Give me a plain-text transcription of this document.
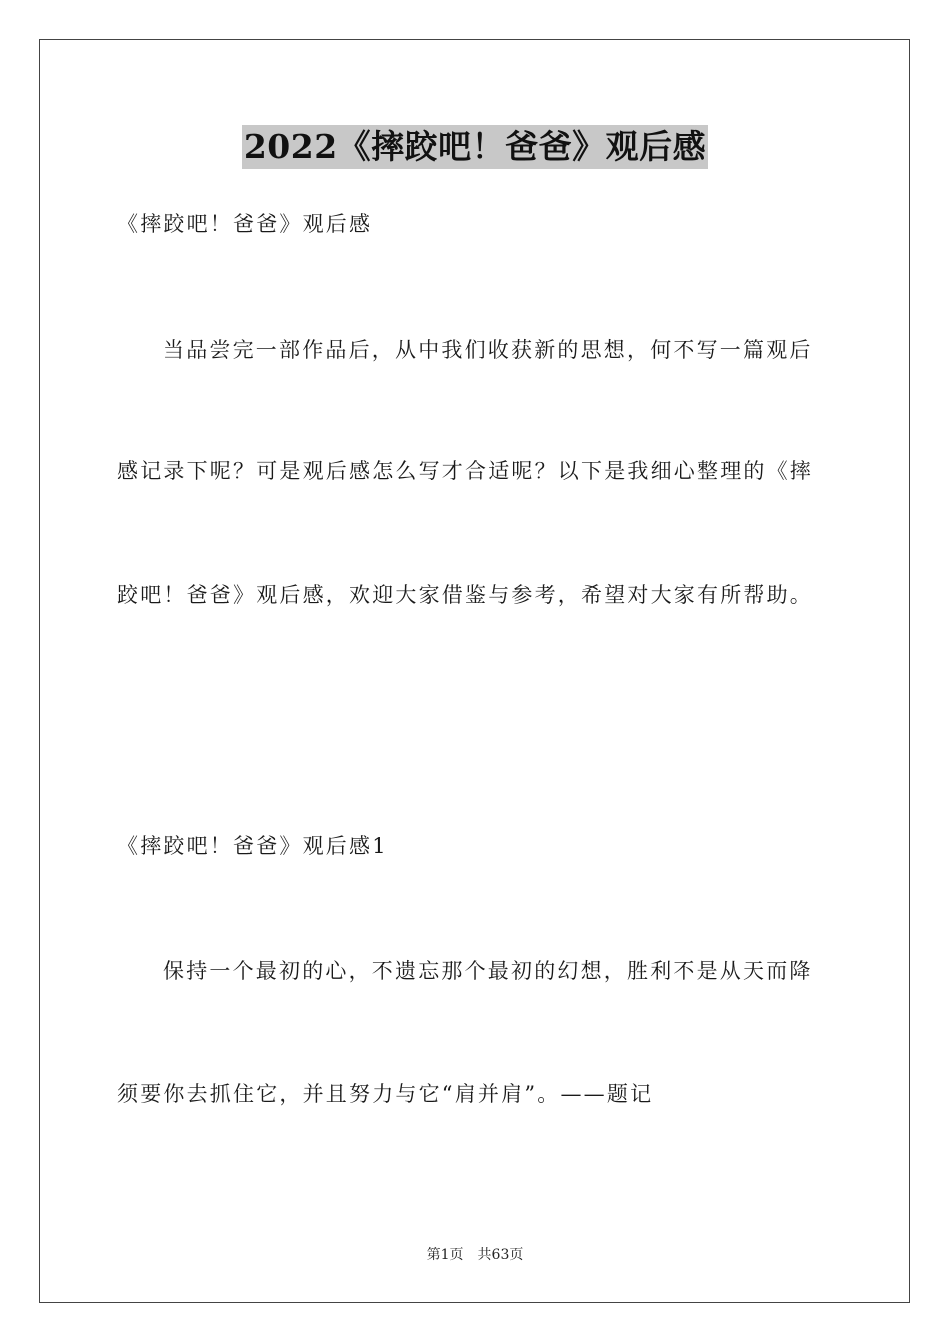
2022《摔跤吧！爸爸》观后感
《摔跤吧！爸爸》观后感
当品尝完一部作品后，从中我们收获新的思想，何不写一篇观后
感记录下呢？可是观后感怎么写才合适呢？以下是我细心整理的《摔
跤吧！爸爸》观后感，欢迎大家借鉴与参考，希望对大家有所帮助。
《摔跤吧！爸爸》观后感1
保持一个最初的心，不遗忘那个最初的幻想，胜利不是从天而降
须要你去抓住它，并且努力与它“肩并肩”。——题记
第1页 共63页
